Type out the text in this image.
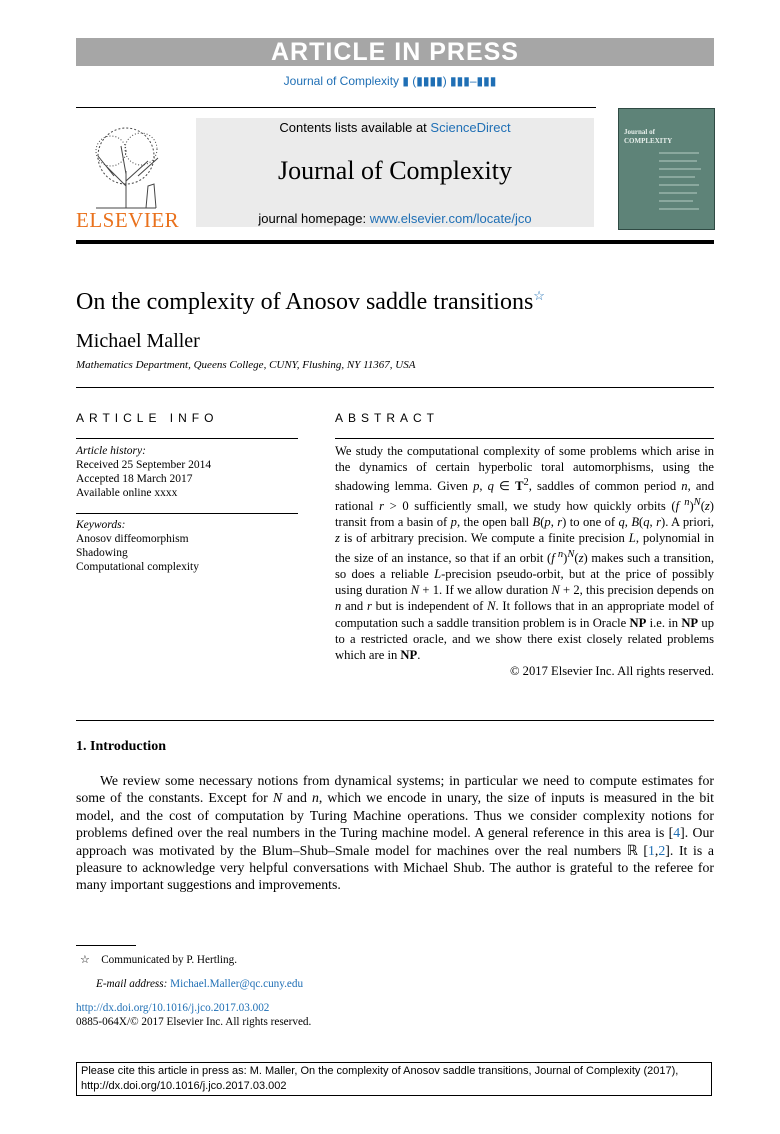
ARTICLE IN PRESS
Journal of Complexity ▮ (▮▮▮▮) ▮▮▮–▮▮▮
ELSEVIER
Contents lists available at ScienceDirect
Journal of Complexity
journal homepage: www.elsevier.com/locate/jco
Journal of
COMPLEXITY
On the complexity of Anosov saddle transitions☆
Michael Maller
Mathematics Department, Queens College, CUNY, Flushing, NY 11367, USA
ARTICLE INFO	ABSTRACT
Article history:
Received 25 September 2014
Accepted 18 March 2017
Available online xxxx
Keywords:
Anosov diffeomorphism
Shadowing
Computational complexity
We study the computational complexity of some problems which arise in the dynamics of certain hyperbolic toral automorphisms, using the shadowing lemma. Given p, q ∈ $T^2$, saddles of common period n, and rational r > 0 sufficiently small, we study how quickly orbits (f $^n$)$^N$(z) transit from a basin of p, the open ball B(p, r) to one of q, B(q, r). A priori, z is of arbitrary precision. We compute a finite precision L, polynomial in the size of an instance, so that if an orbit (f $^n$)$^N$(z) makes such a transition, so does a reliable L-precision pseudo-orbit, but at the price of possibly using duration N + 1. If we allow duration N + 2, this precision depends on n and r but is independent of N. It follows that in an appropriate model of computation such a saddle transition problem is in Oracle NP i.e. in NP up to a restricted oracle, and we show there exist closely related problems which are in NP.
© 2017 Elsevier Inc. All rights reserved.
1. Introduction
We review some necessary notions from dynamical systems; in particular we need to compute estimates for some of the constants. Except for N and n, which we encode in unary, the size of inputs is measured in the bit model, and the cost of computation by Turing Machine operations. Thus we consider complexity notions for problems defined over the real numbers in the Turing machine model. A general reference in this area is [4]. Our approach was motivated by the Blum–Shub–Smale model for machines over the real numbers ℝ [1,2]. It is a pleasure to acknowledge very helpful conversations with Michael Shub. The author is grateful to the referee for many important suggestions and improvements.
☆ Communicated by P. Hertling.
E-mail address: Michael.Maller@qc.cuny.edu
http://dx.doi.org/10.1016/j.jco.2017.03.002
0885-064X/© 2017 Elsevier Inc. All rights reserved.
Please cite this article in press as: M. Maller, On the complexity of Anosov saddle transitions, Journal of Complexity (2017),
http://dx.doi.org/10.1016/j.jco.2017.03.002
